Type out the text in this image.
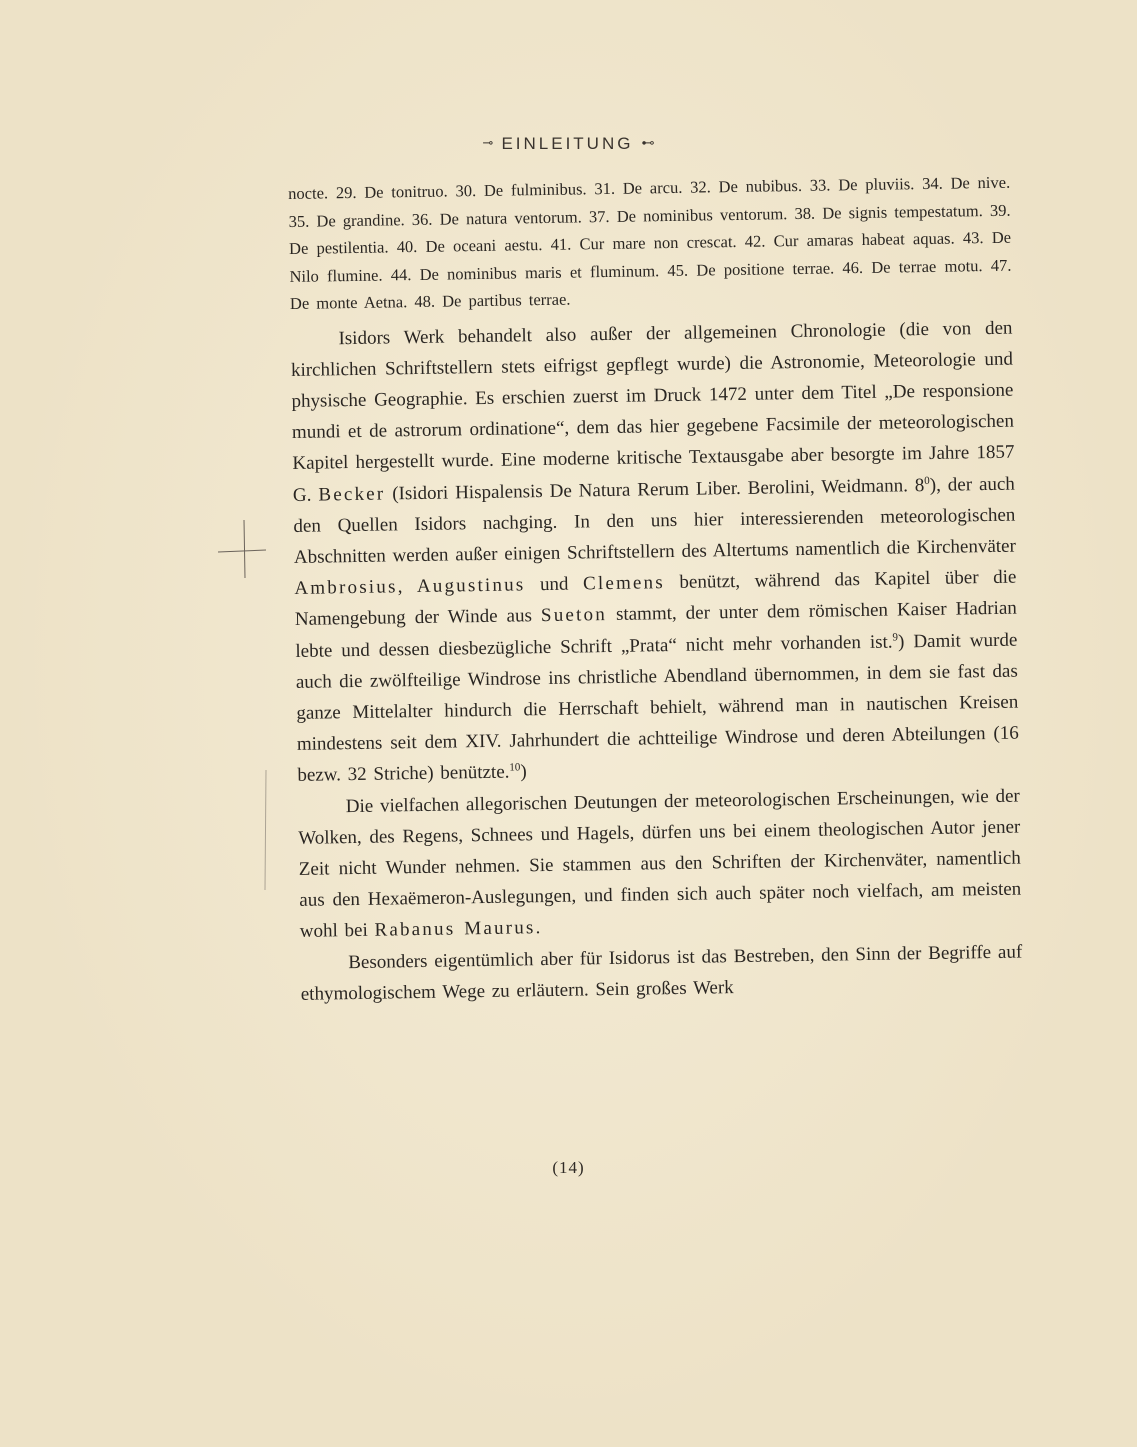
⊸ EINLEITUNG ⊷

nocte. 29. De tonitruo. 30. De fulminibus. 31. De arcu. 32. De nubibus. 33. De pluviis. 34. De nive. 35. De grandine. 36. De natura ventorum. 37. De nominibus ventorum. 38. De signis tempestatum. 39. De pestilentia. 40. De oceani aestu. 41. Cur mare non crescat. 42. Cur amaras habeat aquas. 43. De Nilo flumine. 44. De nominibus maris et fluminum. 45. De positione terrae. 46. De terrae motu. 47. De monte Aetna. 48. De partibus terrae.

Isidors Werk behandelt also außer der allgemeinen Chronologie (die von den kirchlichen Schriftstellern stets eifrigst gepflegt wurde) die Astronomie, Meteorologie und physische Geographie. Es erschien zuerst im Druck 1472 unter dem Titel „De responsione mundi et de astrorum ordinatione“, dem das hier gegebene Facsimile der meteorologischen Kapitel hergestellt wurde. Eine moderne kritische Textausgabe aber besorgte im Jahre 1857 G. Becker (Isidori Hispalensis De Natura Rerum Liber. Berolini, Weidmann. $8^0$), der auch den Quellen Isidors nachging. In den uns hier interessierenden meteorologischen Abschnitten werden außer einigen Schriftstellern des Altertums namentlich die Kirchenväter Ambrosius, Augustinus und Clemens benützt, während das Kapitel über die Namengebung der Winde aus Sueton stammt, der unter dem römischen Kaiser Hadrian lebte und dessen diesbezügliche Schrift „Prata“ nicht mehr vorhanden ist.$^9$) Damit wurde auch die zwölfteilige Windrose ins christliche Abendland übernommen, in dem sie fast das ganze Mittelalter hindurch die Herrschaft behielt, während man in nautischen Kreisen mindestens seit dem XIV. Jahrhundert die achtteilige Windrose und deren Abteilungen (16 bezw. 32 Striche) benützte.$^{10}$)

Die vielfachen allegorischen Deutungen der meteorologischen Erscheinungen, wie der Wolken, des Regens, Schnees und Hagels, dürfen uns bei einem theologischen Autor jener Zeit nicht Wunder nehmen. Sie stammen aus den Schriften der Kirchenväter, namentlich aus den Hexaëmeron-Auslegungen, und finden sich auch später noch vielfach, am meisten wohl bei Rabanus Maurus.

Besonders eigentümlich aber für Isidorus ist das Bestreben, den Sinn der Begriffe auf ethymologischem Wege zu erläutern. Sein großes Werk

(14)
